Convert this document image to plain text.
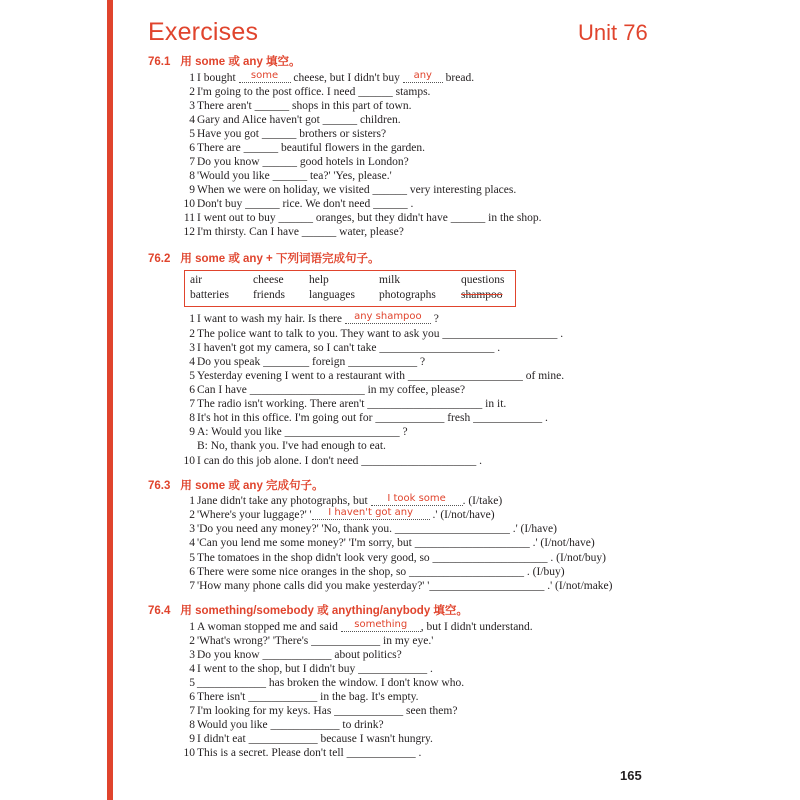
Exercises	Unit 76
76.1 用 some 或 any 填空。
1 I bought some cheese, but I didn't buy any bread.
2 I'm going to the post office. I need ______ stamps.
3 There aren't ______ shops in this part of town.
4 Gary and Alice haven't got ______ children.
5 Have you got ______ brothers or sisters?
6 There are ______ beautiful flowers in the garden.
7 Do you know ______ good hotels in London?
8 'Would you like ______ tea?' 'Yes, please.'
9 When we were on holiday, we visited ______ very interesting places.
10 Don't buy ______ rice. We don't need ______ .
11 I went out to buy ______ oranges, but they didn't have ______ in the shop.
12 I'm thirsty. Can I have ______ water, please?
76.2 用 some 或 any + 下列词语完成句子。
air	cheese help	milk	questions
batteries friends languages photographs shampoo
1 I want to wash my hair. Is there any shampoo ?
2 The police want to talk to you. They want to ask you ____________________ .
3 I haven't got my camera, so I can't take ____________________ .
4 Do you speak ________ foreign ____________ ?
5 Yesterday evening I went to a restaurant with ____________________ of mine.
6 Can I have ____________________ in my coffee, please?
7 The radio isn't working. There aren't ____________________ in it.
8 It's hot in this office. I'm going out for ____________ fresh ____________ .
9 A: Would you like ____________________ ?
B: No, thank you. I've had enough to eat.
10 I can do this job alone. I don't need ____________________ .
76.3 用 some 或 any 完成句子。
1 Jane didn't take any photographs, but I took some . (I/take)
2 'Where's your luggage?' ' I haven't got any .' (I/not/have)
3 'Do you need any money?' 'No, thank you. ____________________ .' (I/have)
4 'Can you lend me some money?' 'I'm sorry, but ____________________ .' (I/not/have)
5 The tomatoes in the shop didn't look very good, so ____________________ . (I/not/buy)
6 There were some nice oranges in the shop, so ____________________ . (I/buy)
7 'How many phone calls did you make yesterday?' '____________________ .' (I/not/make)
76.4 用 something/somebody 或 anything/anybody 填空。
1 A woman stopped me and said something , but I didn't understand.
2 'What's wrong?' 'There's ____________ in my eye.'
3 Do you know ____________ about politics?
4 I went to the shop, but I didn't buy ____________ .
5 ____________ has broken the window. I don't know who.
6 There isn't ____________ in the bag. It's empty.
7 I'm looking for my keys. Has ____________ seen them?
8 Would you like ____________ to drink?
9 I didn't eat ____________ because I wasn't hungry.
10 This is a secret. Please don't tell ____________ .
165
